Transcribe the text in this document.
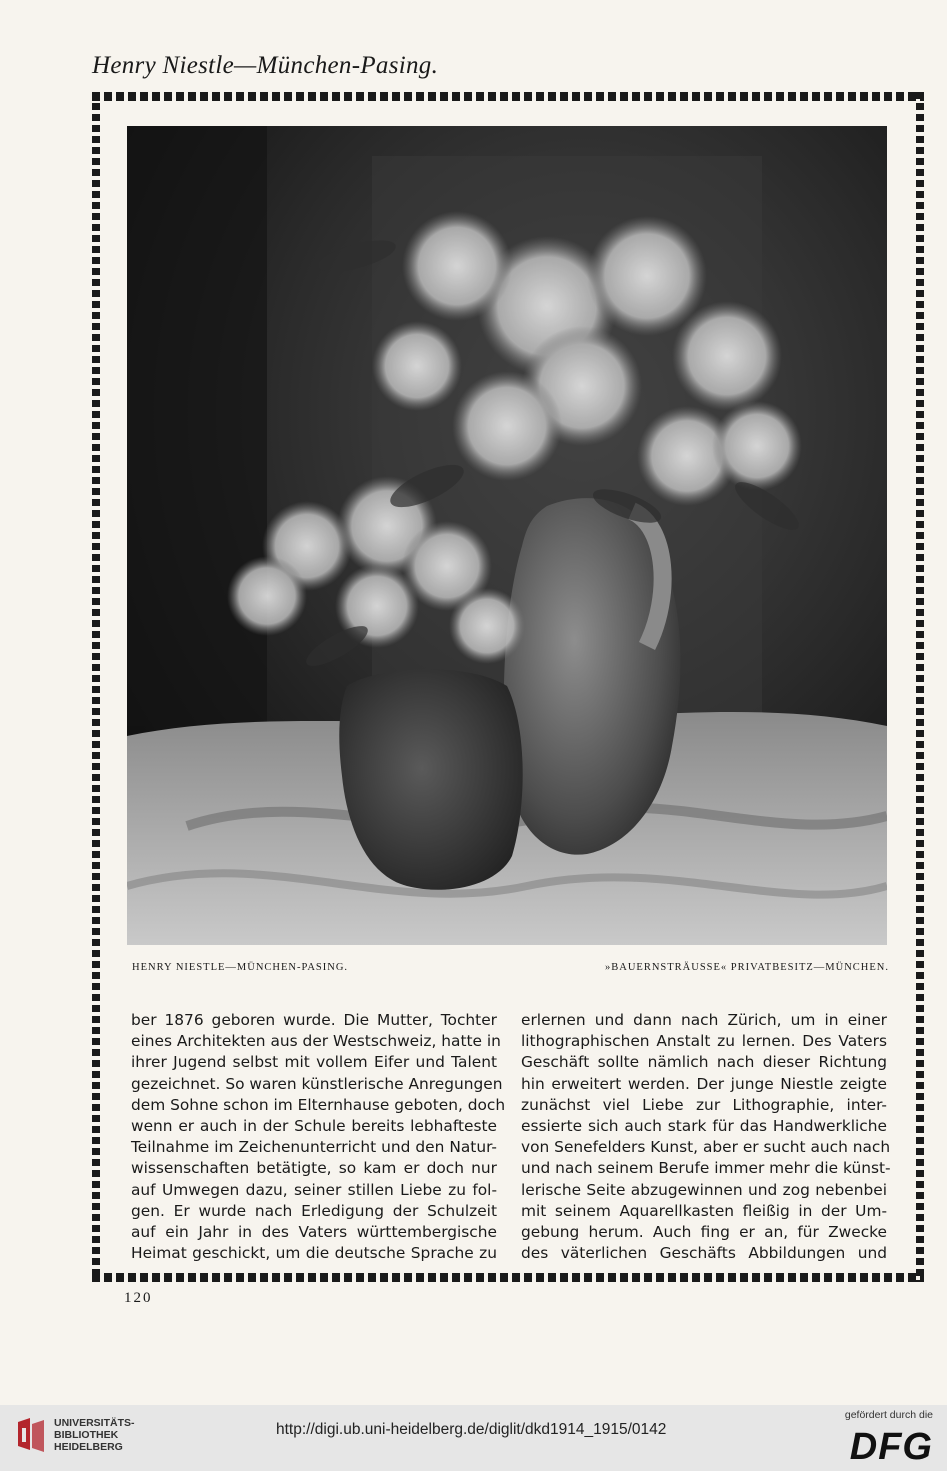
Henry Niestle—München-Pasing.
HENRY NIESTLE—MÜNCHEN-PASING.	»BAUERNSTRÄUSSE« PRIVATBESITZ—MÜNCHEN.
ber 1876 geboren wurde. Die Mutter, Tochter
eines Architekten aus der Westschweiz, hatte in
ihrer Jugend selbst mit vollem Eifer und Talent
gezeichnet. So waren künstlerische Anregungen
dem Sohne schon im Elternhause geboten, doch
wenn er auch in der Schule bereits lebhafteste
Teilnahme im Zeichenunterricht und den Natur-
wissenschaften betätigte, so kam er doch nur
auf Umwegen dazu, seiner stillen Liebe zu fol-
gen. Er wurde nach Erledigung der Schulzeit
auf ein Jahr in des Vaters württembergische
Heimat geschickt, um die deutsche Sprache zu
erlernen und dann nach Zürich, um in einer
lithographischen Anstalt zu lernen. Des Vaters
Geschäft sollte nämlich nach dieser Richtung
hin erweitert werden. Der junge Niestle zeigte
zunächst viel Liebe zur Lithographie, inter-
essierte sich auch stark für das Handwerkliche
von Senefelders Kunst, aber er sucht auch nach
und nach seinem Berufe immer mehr die künst-
lerische Seite abzugewinnen und zog nebenbei
mit seinem Aquarellkasten fleißig in der Um-
gebung herum. Auch fing er an, für Zwecke
des väterlichen Geschäfts Abbildungen und
120
UNIVERSITÄTS-
BIBLIOTHEK
HEIDELBERG
http://digi.ub.uni-heidelberg.de/diglit/dkd1914_1915/0142
gefördert durch die
DFG
